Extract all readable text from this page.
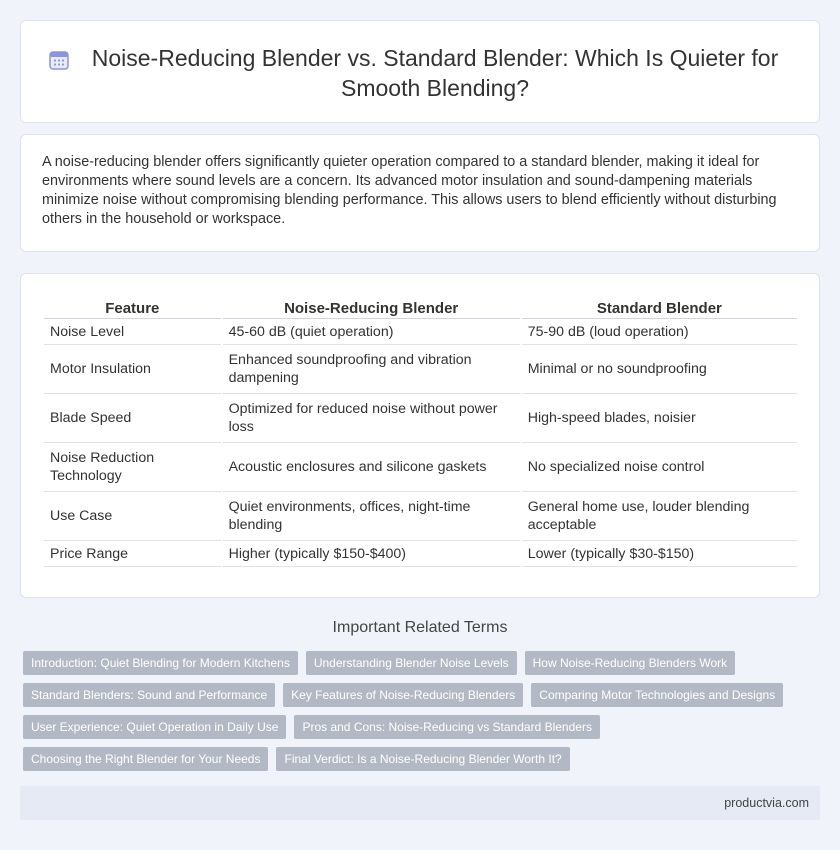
Noise-Reducing Blender vs. Standard Blender: Which Is Quieter for Smooth Blending?

A noise-reducing blender offers significantly quieter operation compared to a standard blender, making it ideal for environments where sound levels are a concern. Its advanced motor insulation and sound-dampening materials minimize noise without compromising blending performance. This allows users to blend efficiently without disturbing others in the household or workspace.

Feature	Noise-Reducing Blender	Standard Blender
Noise Level	45-60 dB (quiet operation)	75-90 dB (loud operation)
Motor Insulation	Enhanced soundproofing and vibration dampening	Minimal or no soundproofing
Blade Speed	Optimized for reduced noise without power loss	High-speed blades, noisier
Noise Reduction Technology	Acoustic enclosures and silicone gaskets	No specialized noise control
Use Case	Quiet environments, offices, night-time blending	General home use, louder blending acceptable
Price Range	Higher (typically $150-$400)	Lower (typically $30-$150)
Important Related Terms
Introduction: Quiet Blending for Modern Kitchens	Understanding Blender Noise Levels	How Noise-Reducing Blenders Work
Standard Blenders: Sound and Performance	Key Features of Noise-Reducing Blenders	Comparing Motor Technologies and Designs
User Experience: Quiet Operation in Daily Use	Pros and Cons: Noise-Reducing vs Standard Blenders
Choosing the Right Blender for Your Needs	Final Verdict: Is a Noise-Reducing Blender Worth It?
productvia.com
